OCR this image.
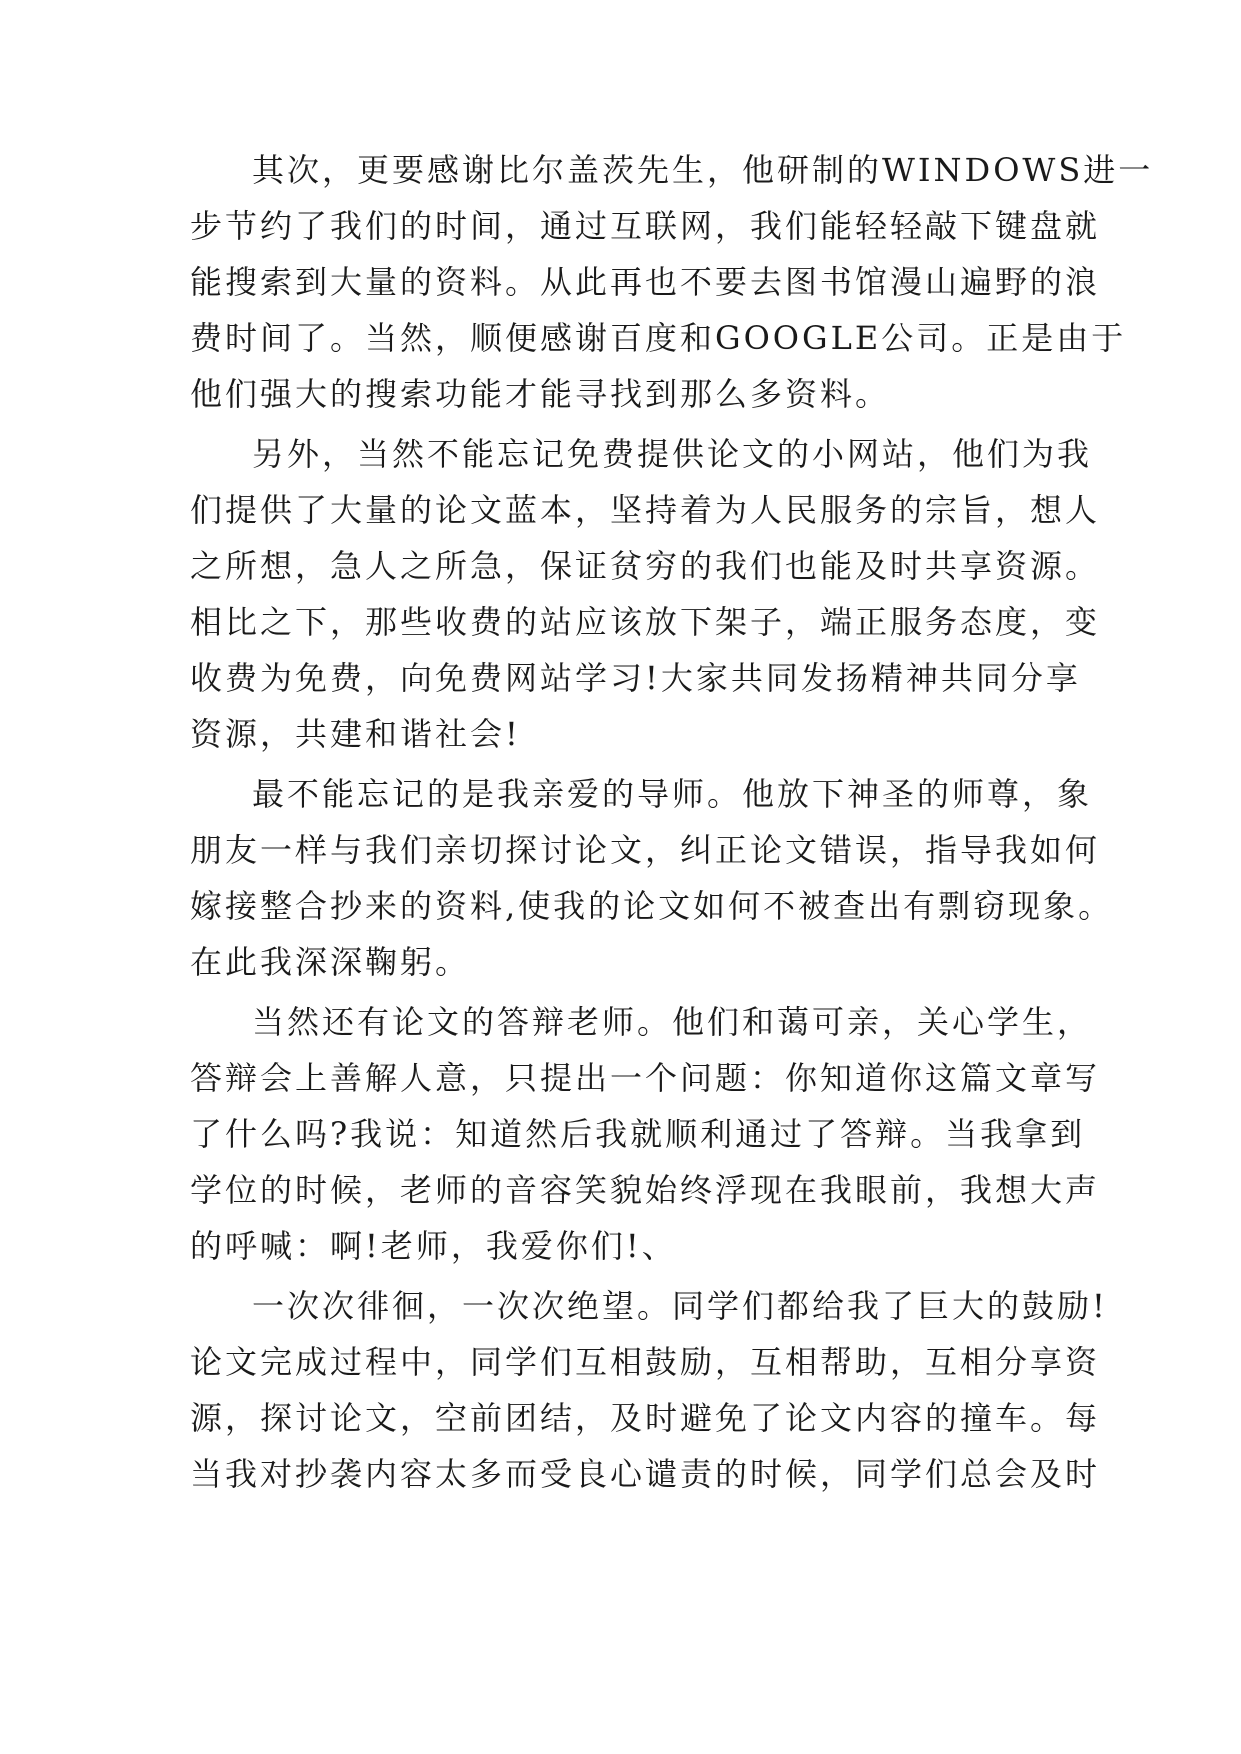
其次，更要感谢比尔盖茨先生，他研制的WINDOWS进一
步节约了我们的时间，通过互联网，我们能轻轻敲下键盘就
能搜索到大量的资料。从此再也不要去图书馆漫山遍野的浪
费时间了。当然，顺便感谢百度和GOOGLE公司。正是由于
他们强大的搜索功能才能寻找到那么多资料。
另外，当然不能忘记免费提供论文的小网站，他们为我
们提供了大量的论文蓝本，坚持着为人民服务的宗旨，想人
之所想，急人之所急，保证贫穷的我们也能及时共享资源。
相比之下，那些收费的站应该放下架子，端正服务态度，变
收费为免费，向免费网站学习!大家共同发扬精神共同分享
资源，共建和谐社会!
最不能忘记的是我亲爱的导师。他放下神圣的师尊，象
朋友一样与我们亲切探讨论文，纠正论文错误，指导我如何
嫁接整合抄来的资料,使我的论文如何不被查出有剽窃现象。
在此我深深鞠躬。
当然还有论文的答辩老师。他们和蔼可亲，关心学生，
答辩会上善解人意，只提出一个问题：你知道你这篇文章写
了什么吗?我说：知道然后我就顺利通过了答辩。当我拿到
学位的时候，老师的音容笑貌始终浮现在我眼前，我想大声
的呼喊：啊!老师，我爱你们!、
一次次徘徊，一次次绝望。同学们都给我了巨大的鼓励!
论文完成过程中，同学们互相鼓励，互相帮助，互相分享资
源，探讨论文，空前团结，及时避免了论文内容的撞车。每
当我对抄袭内容太多而受良心谴责的时候，同学们总会及时
